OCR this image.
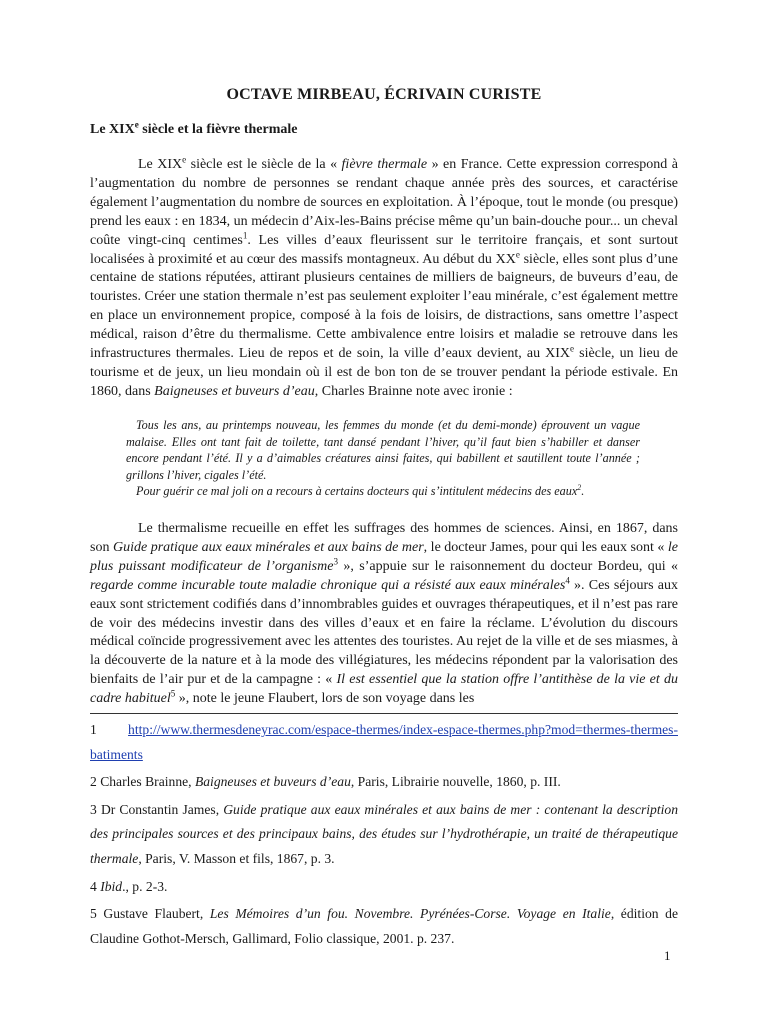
OCTAVE MIRBEAU, ÉCRIVAIN CURISTE
Le XIXe siècle et la fièvre thermale
Le XIXe siècle est le siècle de la « fièvre thermale » en France. Cette expression correspond à l’augmentation du nombre de personnes se rendant chaque année près des sources, et caractérise également l’augmentation du nombre de sources en exploitation. À l’époque, tout le monde (ou presque) prend les eaux : en 1834, un médecin d’Aix-les-Bains précise même qu’un bain-douche pour... un cheval coûte vingt-cinq centimes$^1$. Les villes d’eaux fleurissent sur le territoire français, et sont surtout localisées à proximité et au cœur des massifs montagneux. Au début du XXe siècle, elles sont plus d’une centaine de stations réputées, attirant plusieurs centaines de milliers de baigneurs, de buveurs d’eau, de touristes. Créer une station thermale n’est pas seulement exploiter l’eau minérale, c’est également mettre en place un environnement propice, composé à la fois de loisirs, de distractions, sans omettre l’aspect médical, raison d’être du thermalisme. Cette ambivalence entre loisirs et maladie se retrouve dans les infrastructures thermales. Lieu de repos et de soin, la ville d’eaux devient, au XIXe siècle, un lieu de tourisme et de jeux, un lieu mondain où il est de bon ton de se trouver pendant la période estivale. En 1860, dans Baigneuses et buveurs d’eau, Charles Brainne note avec ironie :

Tous les ans, au printemps nouveau, les femmes du monde (et du demi-monde) éprouvent un vague malaise. Elles ont tant fait de toilette, tant dansé pendant l’hiver, qu’il faut bien s’habiller et danser encore pendant l’été. Il y a d’aimables créatures ainsi faites, qui babillent et sautillent toute l’année ; grillons l’hiver, cigales l’été.

Pour guérir ce mal joli on a recours à certains docteurs qui s’intitulent médecins des eaux$^2$.

Le thermalisme recueille en effet les suffrages des hommes de sciences. Ainsi, en 1867, dans son Guide pratique aux eaux minérales et aux bains de mer, le docteur James, pour qui les eaux sont « le plus puissant modificateur de l’organisme$^3$ », s’appuie sur le raisonnement du docteur Bordeu, qui « regarde comme incurable toute maladie chronique qui a résisté aux eaux minérales$^4$ ». Ces séjours aux eaux sont strictement codifiés dans d’innombrables guides et ouvrages thérapeutiques, et il n’est pas rare de voir des médecins investir dans des villes d’eaux et en faire la réclame. L’évolution du discours médical coïncide progressivement avec les attentes des touristes. Au rejet de la ville et de ses miasmes, à la découverte de la nature et à la mode des villégiatures, les médecins répondent par la valorisation des bienfaits de l’air pur et de la campagne : « Il est essentiel que la station offre l’antithèse de la vie et du cadre habituel$^5$ », note le jeune Flaubert, lors de son voyage dans les

1 http://www.thermesdeneyrac.com/espace-thermes/index-espace-thermes.php?mod=thermes-thermes-batiments

2 Charles Brainne, Baigneuses et buveurs d’eau, Paris, Librairie nouvelle, 1860, p. III.

3 Dr Constantin James, Guide pratique aux eaux minérales et aux bains de mer : contenant la description des principales sources et des principaux bains, des études sur l’hydrothérapie, un traité de thérapeutique thermale, Paris, V. Masson et fils, 1867, p. 3.

4 Ibid., p. 2-3.

5 Gustave Flaubert, Les Mémoires d’un fou. Novembre. Pyrénées-Corse. Voyage en Italie, édition de Claudine Gothot-Mersch, Gallimard, Folio classique, 2001. p. 237.

1
